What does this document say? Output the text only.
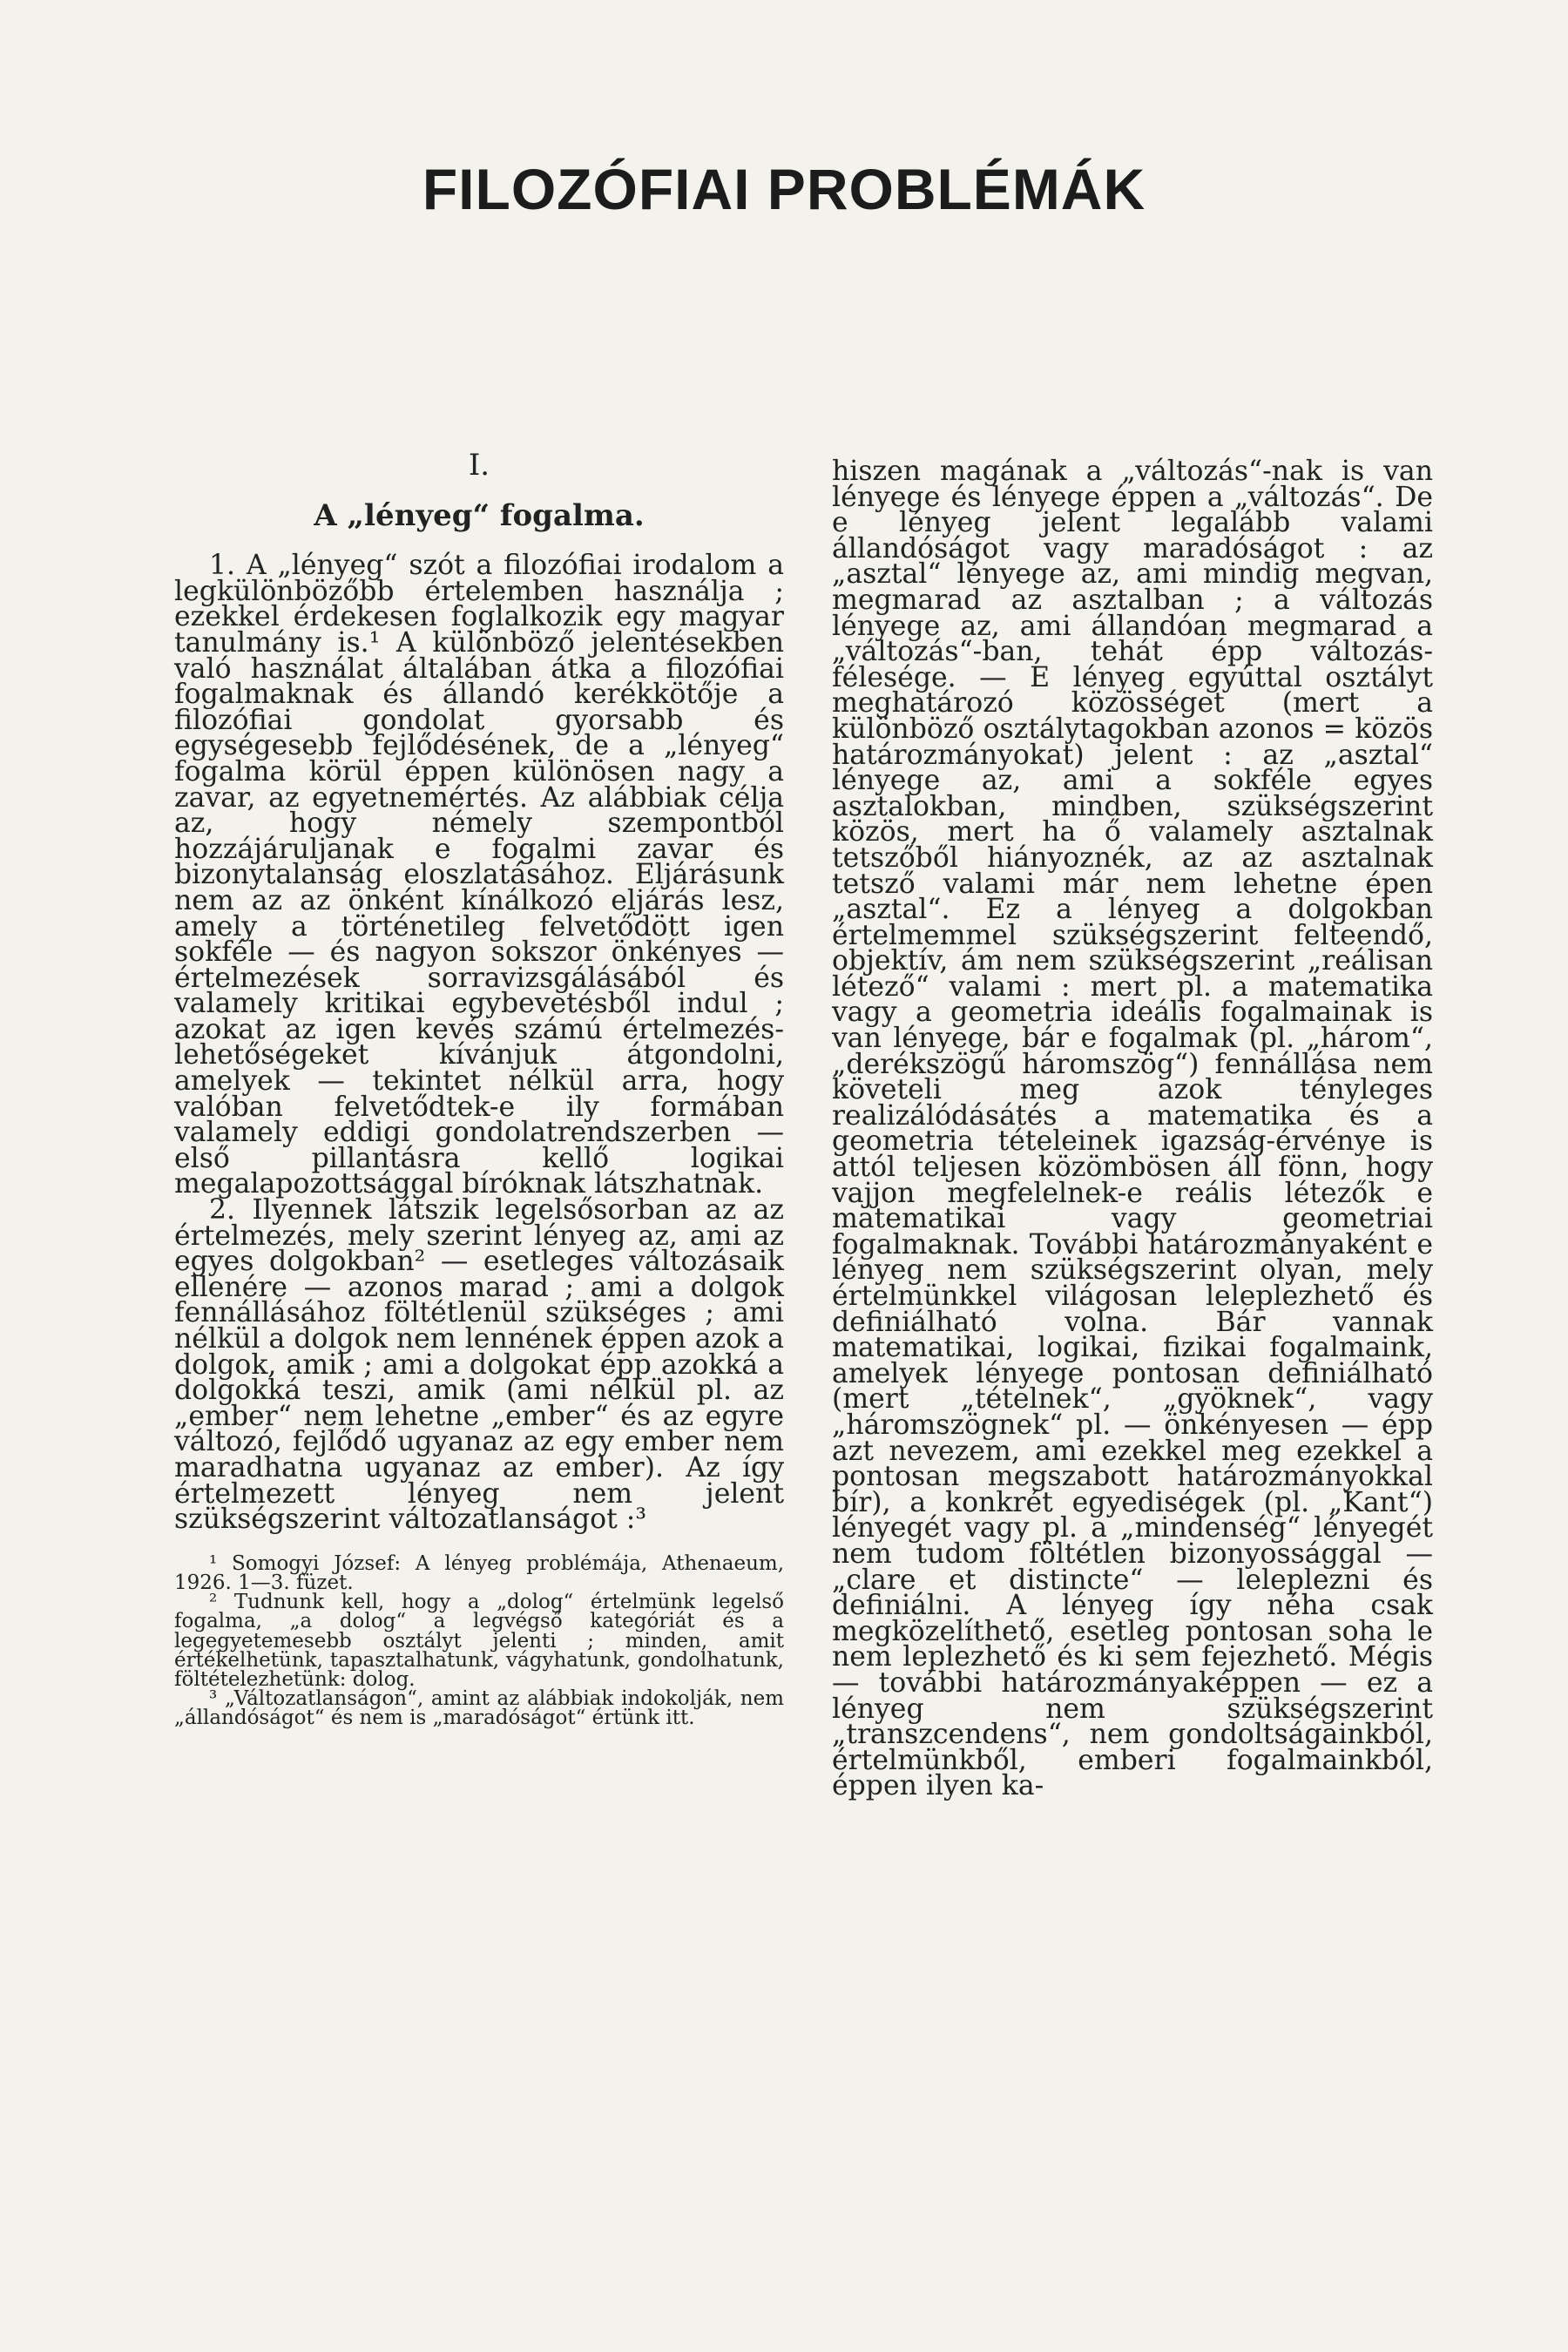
FILOZÓFIAI PROBLÉMÁK
I.
A „lényeg“ fogalma.

1. A „lényeg“ szót a filozófiai irodalom a legkülönbözőbb értelemben használja ; ezekkel érdekesen foglalkozik egy magyar tanulmány is.¹ A különböző jelentésekben való használat általában átka a filozófiai fogalmaknak és állandó kerékkötője a filozófiai gondolat gyorsabb és egységesebb fejlődésének, de a „lényeg“ fogalma körül éppen különösen nagy a zavar, az egyetnemértés. Az alábbiak célja az, hogy némely szempontból hozzájáruljanak e fogalmi zavar és bizonytalanság eloszlatásához. Eljárásunk nem az az önként kínálkozó eljárás lesz, amely a történetileg felvetődött igen sokféle — és nagyon sokszor önkényes — értelmezések sorravizsgálásából és valamely kritikai egybevetésből indul ; azokat az igen kevés számú értelmezés-lehetőségeket kívánjuk átgondolni, amelyek — tekintet nélkül arra, hogy valóban felvetődtek-e ily formában valamely eddigi gondolatrendszerben — első pillantásra kellő logikai megalapozottsággal bíróknak látszhatnak.

2. Ilyennek látszik legelsősorban az az értelmezés, mely szerint lényeg az, ami az egyes dolgokban² — esetleges változásaik ellenére — azonos marad ; ami a dolgok fennállásához föltétlenül szükséges ; ami nélkül a dolgok nem lennének éppen azok a dolgok, amik ; ami a dolgokat épp azokká a dolgokká teszi, amik (ami nélkül pl. az „ember“ nem lehetne „ember“ és az egyre változó, fejlődő ugyanaz az egy ember nem maradhatna ugyanaz az ember). Az így értelmezett lényeg nem jelent szükségszerint változatlanságot :³

¹ Somogyi József: A lényeg problémája, Athenaeum, 1926. 1—3. füzet.

² Tudnunk kell, hogy a „dolog“ értelmünk legelső fogalma, „a dolog“ a legvégső kategóriát és a legegyetemesebb osztályt jelenti ; minden, amit értékelhetünk, tapasztalhatunk, vágyhatunk, gondolhatunk, föltételezhetünk: dolog.

³ „Változatlanságon“, amint az alábbiak indokolják, nem „állandóságot“ és nem is „maradóságot“ értünk itt.

hiszen magának a „változás“-nak is van lényege és lényege éppen a „változás“. De e lényeg jelent legalább valami állandóságot vagy maradóságot : az „asztal“ lényege az, ami mindig megvan, megmarad az asztalban ; a változás lényege az, ami állandóan megmarad a „változás“-ban, tehát épp változás-félesége. — E lényeg egyúttal osztályt meghatározó közösséget (mert a különböző osztálytagokban azonos = közös határozmányokat) jelent : az „asztal“ lényege az, ami a sokféle egyes asztalokban, mindben, szükségszerint közös, mert ha ő valamely asztalnak tetszőből hiányoznék, az az asztalnak tetsző valami már nem lehetne épen „asztal“. Ez a lényeg a dolgokban értelmemmel szükségszerint felteendő, objektív, ám nem szükségszerint „reálisan létező“ valami : mert pl. a matematika vagy a geometria ideális fogalmainak is van lényege, bár e fogalmak (pl. „három“, „derékszögű háromszög“) fennállása nem követeli meg azok tényleges realizálódásátés a matematika és a geometria tételeinek igazság-érvénye is attól teljesen közömbösen áll fönn, hogy vajjon megfelelnek-e reális létezők e matematikai vagy geometriai fogalmaknak. További határozmányaként e lényeg nem szükségszerint olyan, mely értelmünkkel világosan leleplezhető és definiálható volna. Bár vannak matematikai, logikai, fizikai fogalmaink, amelyek lényege pontosan definiálható (mert „tételnek“, „gyöknek“, vagy „háromszögnek“ pl. — önkényesen — épp azt nevezem, ami ezekkel meg ezekkel a pontosan megszabott határozmányokkal bír), a konkrét egyediségek (pl. „Kant“) lényegét vagy pl. a „mindenség“ lényegét nem tudom föltétlen bizonyossággal — „clare et distincte“ — leleplezni és definiálni. A lényeg így néha csak megközelíthető, esetleg pontosan soha le nem leplezhető és ki sem fejezhető. Mégis — további határozmányaképpen — ez a lényeg nem szükségszerint „transzcendens“, nem gondoltságainkból, értelmünkből, emberi fogalmainkból, éppen ilyen ka-
